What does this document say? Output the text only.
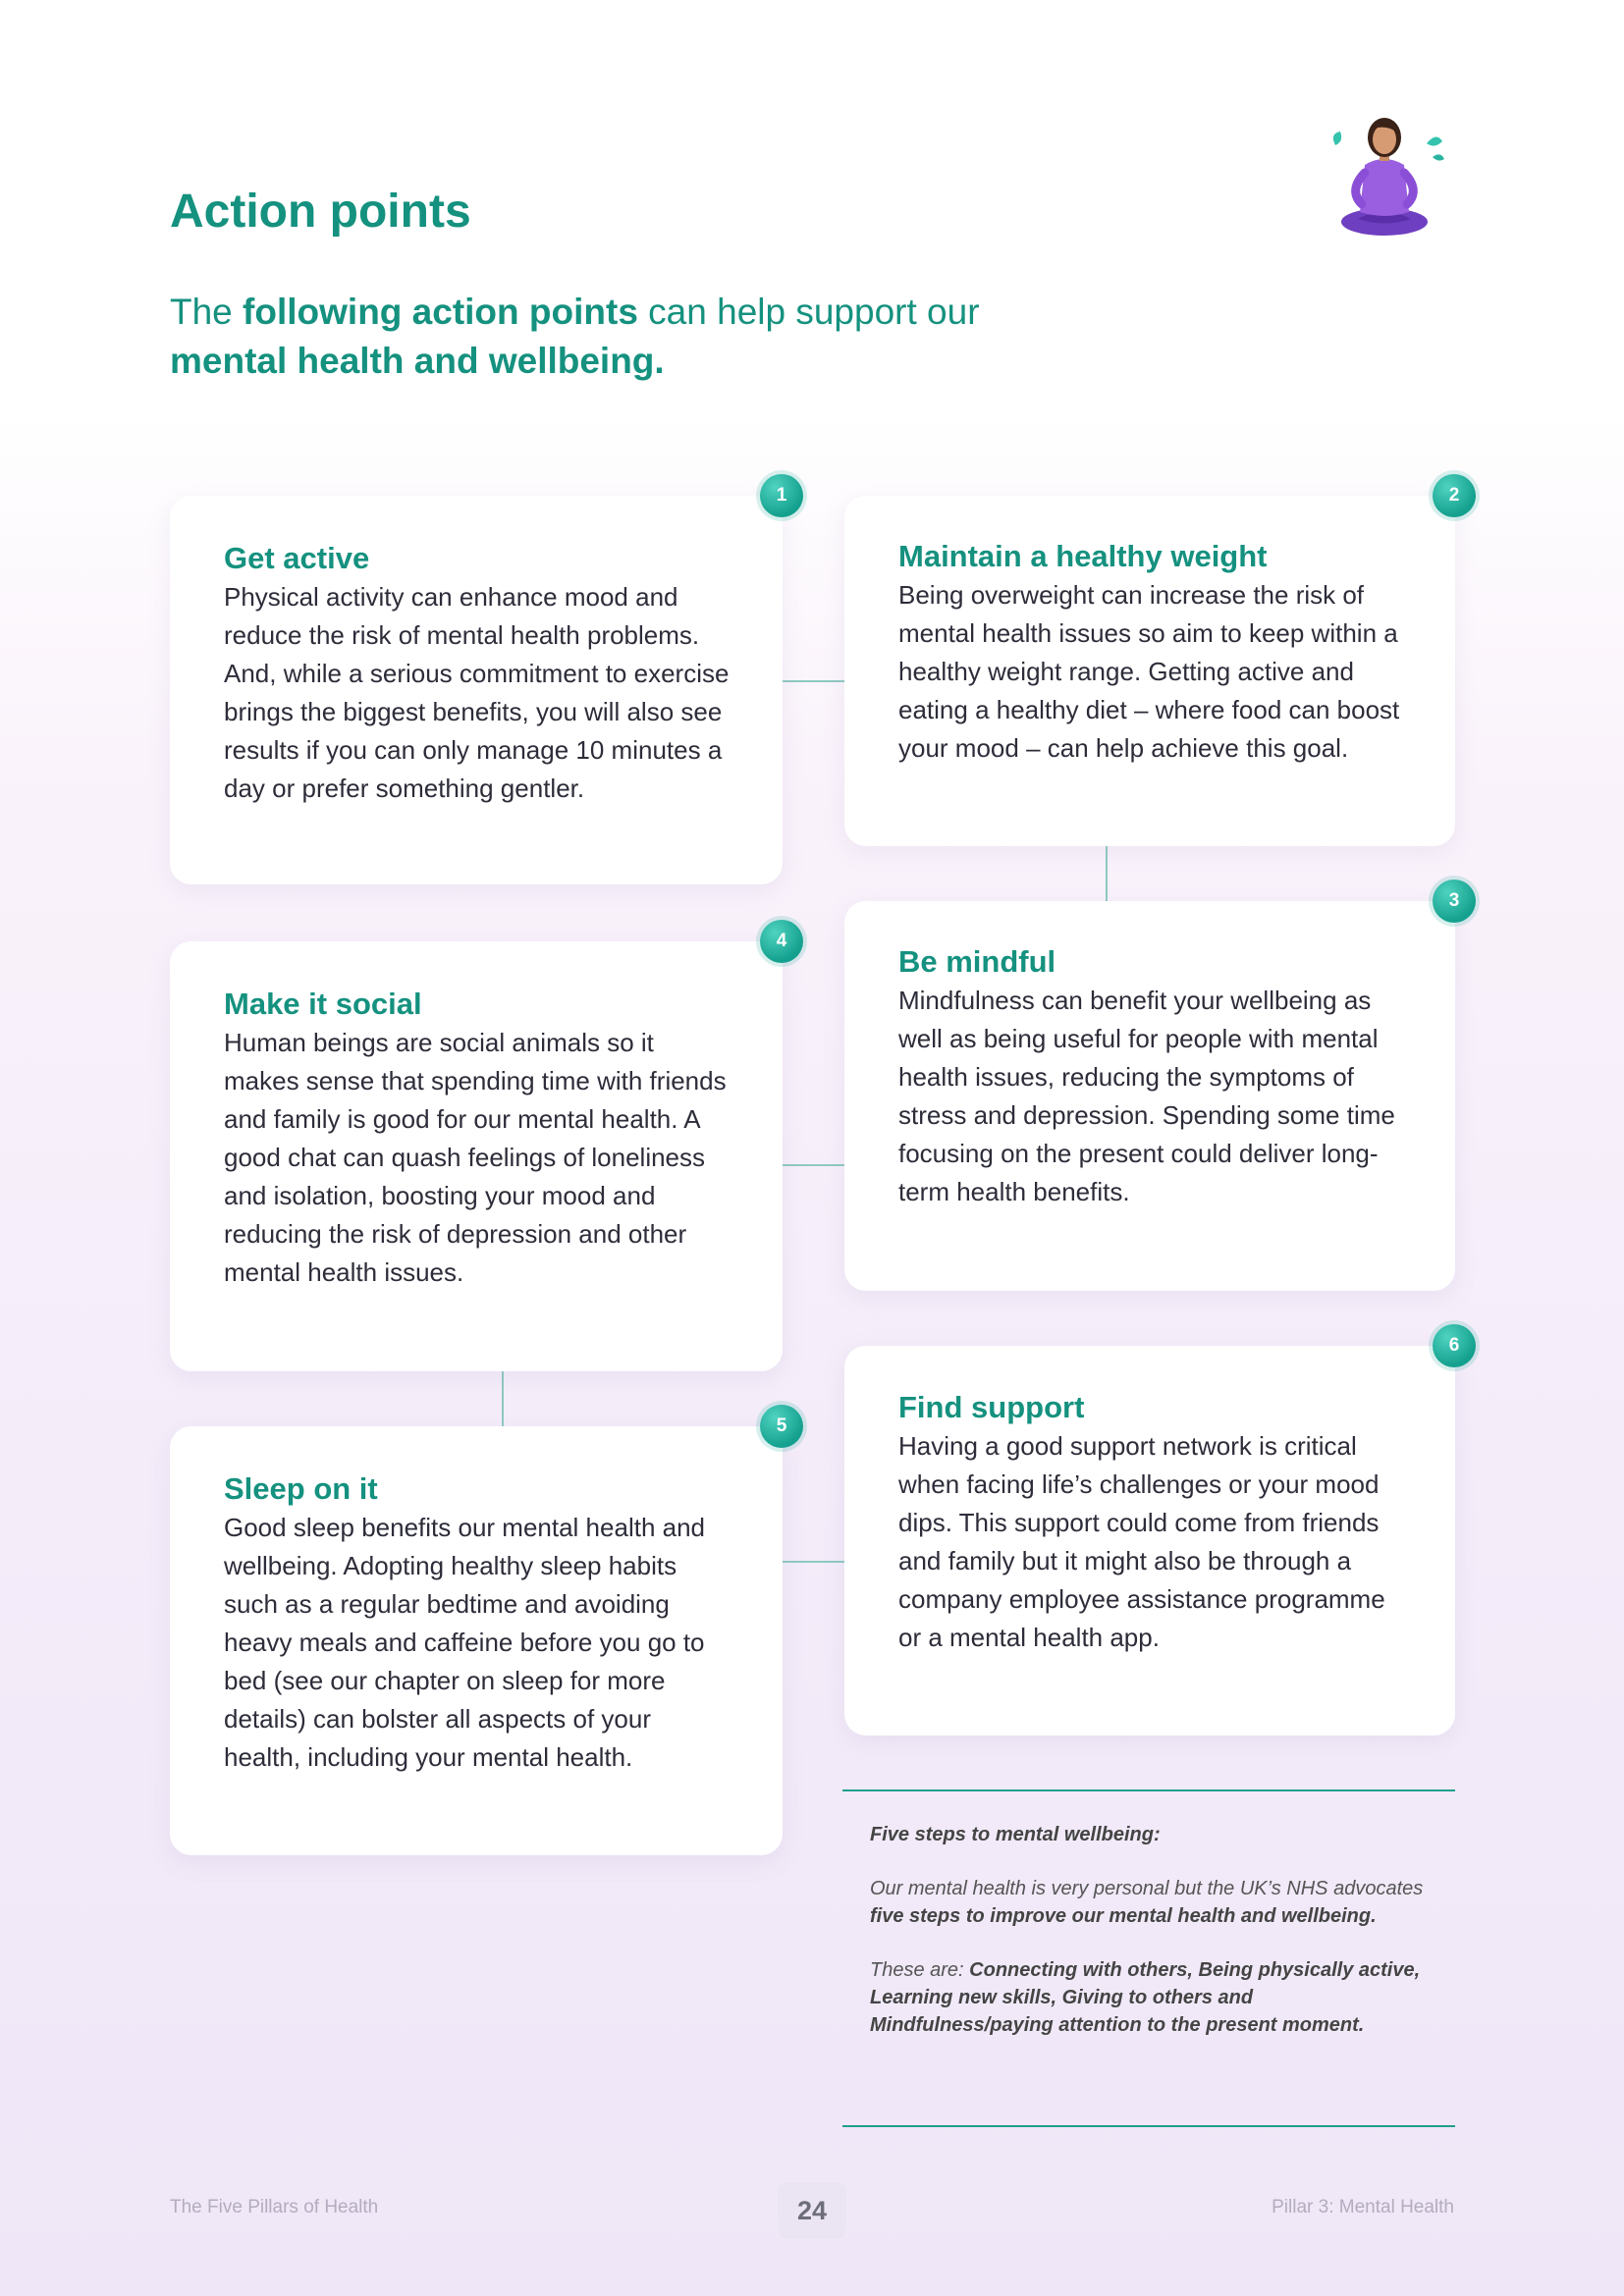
Action points
The following action points can help support our
mental health and wellbeing.
Get active

Physical activity can enhance mood and reduce the risk of mental health problems. And, while a serious commitment to exercise brings the biggest benefits, you will also see results if you can only manage 10 minutes a day or prefer something gentler.

1
Maintain a healthy weight

Being overweight can increase the risk of mental health issues so aim to keep within a healthy weight range. Getting active and eating a healthy diet – where food can boost your mood – can help achieve this goal.

2
Be mindful

Mindfulness can benefit your wellbeing as well as being useful for people with mental health issues, reducing the symptoms of stress and depression. Spending some time focusing on the present could deliver long-term health benefits.

3
Make it social

Human beings are social animals so it makes sense that spending time with friends and family is good for our mental health. A good chat can quash feelings of loneliness and isolation, boosting your mood and reducing the risk of depression and other mental health issues.

4
Sleep on it

Good sleep benefits our mental health and wellbeing. Adopting healthy sleep habits such as a regular bedtime and avoiding heavy meals and caffeine before you go to bed (see our chapter on sleep for more details) can bolster all aspects of your health, including your mental health.

5
Find support

Having a good support network is critical when facing life’s challenges or your mood dips. This support could come from friends and family but it might also be through a company employee assistance programme or a mental health app.

6

Five steps to mental wellbeing:

Our mental health is very personal but the UK’s NHS advocates five steps to improve our mental health and wellbeing.

These are: Connecting with others, Being physically active, Learning new skills, Giving to others and Mindfulness/paying attention to the present moment.

The Five Pillars of Health	24	Pillar 3: Mental Health
